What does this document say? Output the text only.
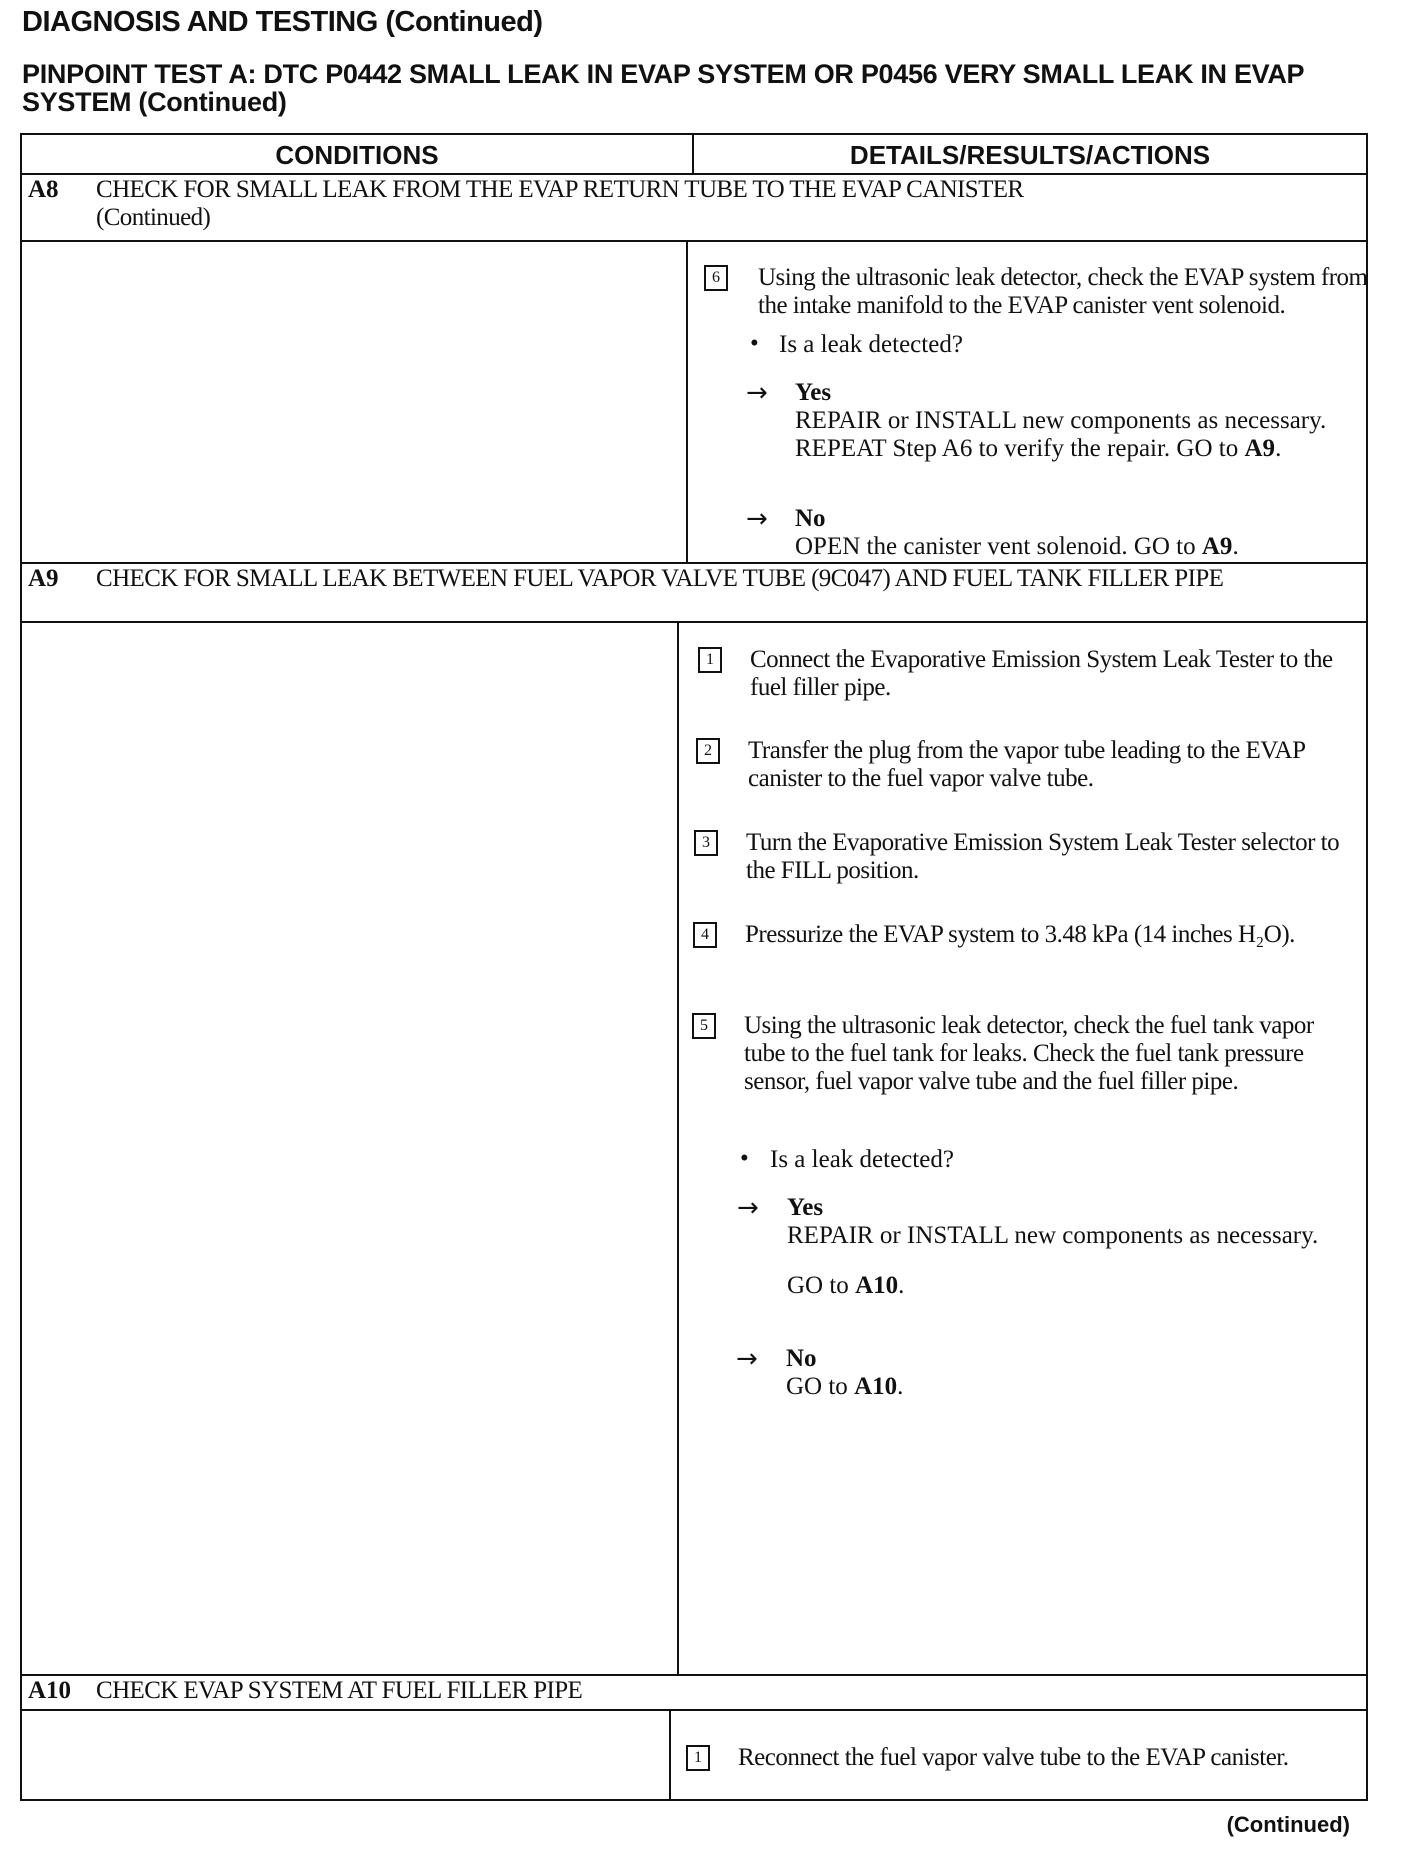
DIAGNOSIS AND TESTING (Continued)
PINPOINT TEST A: DTC P0442 SMALL LEAK IN EVAP SYSTEM OR P0456 VERY SMALL LEAK IN EVAP SYSTEM (Continued)
CONDITIONS	DETAILS/RESULTS/ACTIONS
A8 CHECK FOR SMALL LEAK FROM THE EVAP RETURN TUBE TO THE EVAP CANISTER
(Continued)
6	Using the ultrasonic leak detector, check the EVAP system from the intake manifold to the EVAP canister vent solenoid.
• Is a leak detected?
→ Yes
REPAIR or INSTALL new components as necessary. REPEAT Step A6 to verify the repair. GO to A9.
→ No
OPEN the canister vent solenoid. GO to A9.
A9 CHECK FOR SMALL LEAK BETWEEN FUEL VAPOR VALVE TUBE (9C047) AND FUEL TANK FILLER PIPE
1	Connect the Evaporative Emission System Leak Tester to the fuel filler pipe.
2	Transfer the plug from the vapor tube leading to the EVAP canister to the fuel vapor valve tube.
3	Turn the Evaporative Emission System Leak Tester selector to the FILL position.
4	Pressurize the EVAP system to 3.48 kPa (14 inches H₂O).
5	Using the ultrasonic leak detector, check the fuel tank vapor tube to the fuel tank for leaks. Check the fuel tank pressure sensor, fuel vapor valve tube and the fuel filler pipe.
• Is a leak detected?
→ Yes
REPAIR or INSTALL new components as necessary.
GO to A10.
→ No
GO to A10.
A10 CHECK EVAP SYSTEM AT FUEL FILLER PIPE
1	Reconnect the fuel vapor valve tube to the EVAP canister.
(Continued)
